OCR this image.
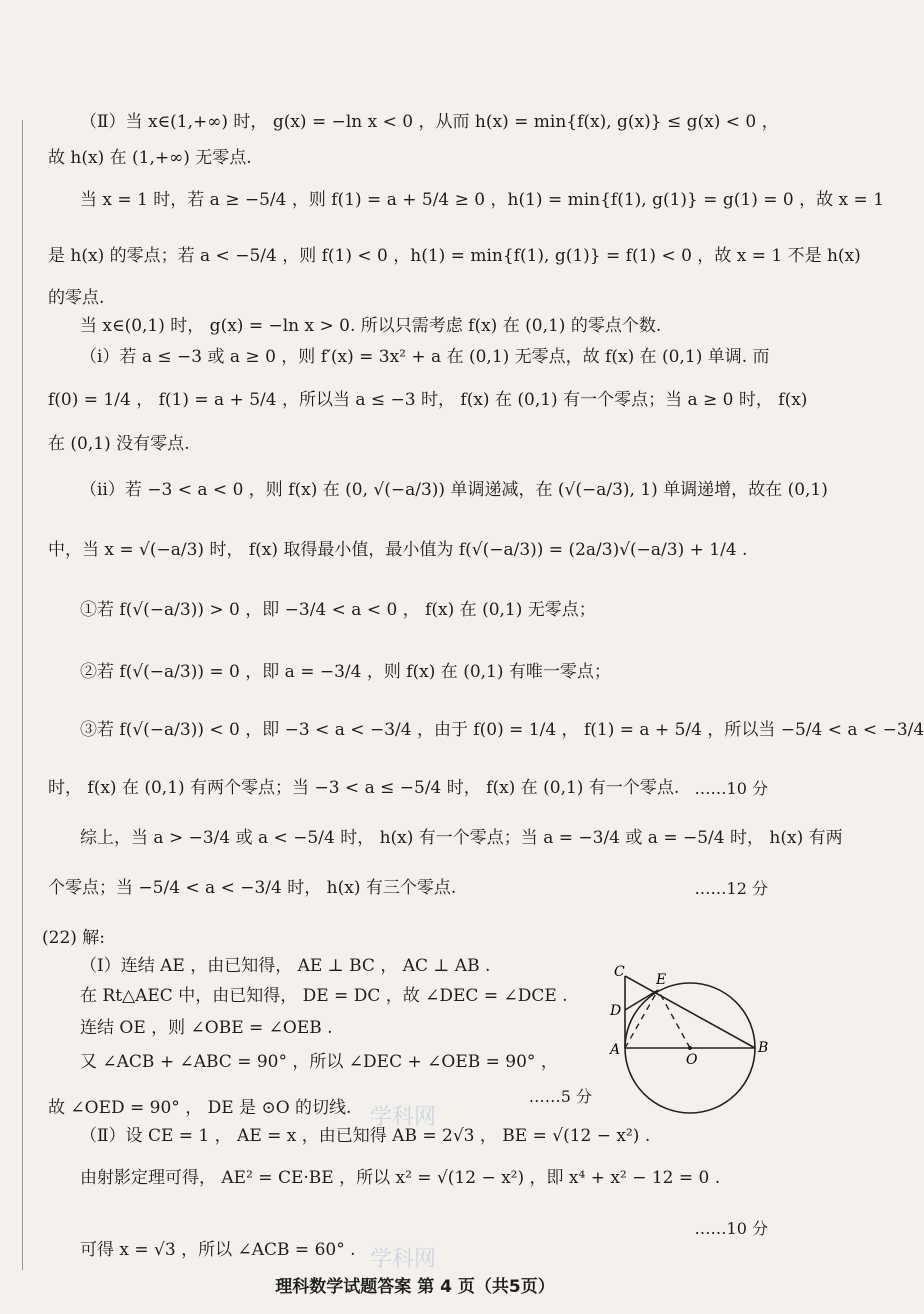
（Ⅱ）当 x∈(1,+∞) 时， g(x) = −ln x < 0 ，从而 h(x) = min{f(x), g(x)} ≤ g(x) < 0 ，
故 h(x) 在 (1,+∞) 无零点.
当 x = 1 时，若 a ≥ −5/4 ，则 f(1) = a + 5/4 ≥ 0 ，h(1) = min{f(1), g(1)} = g(1) = 0 ，故 x = 1
是 h(x) 的零点；若 a < −5/4 ，则 f(1) < 0 ，h(1) = min{f(1), g(1)} = f(1) < 0 ，故 x = 1 不是 h(x)
的零点.
当 x∈(0,1) 时， g(x) = −ln x > 0. 所以只需考虑 f(x) 在 (0,1) 的零点个数.
（ⅰ）若 a ≤ −3 或 a ≥ 0 ，则 f′(x) = 3x² + a 在 (0,1) 无零点，故 f(x) 在 (0,1) 单调. 而
f(0) = 1/4 ， f(1) = a + 5/4 ，所以当 a ≤ −3 时， f(x) 在 (0,1) 有一个零点；当 a ≥ 0 时， f(x)
在 (0,1) 没有零点.
（ⅱ）若 −3 < a < 0 ，则 f(x) 在 (0, √(−a/3)) 单调递减，在 (√(−a/3), 1) 单调递增，故在 (0,1)
中，当 x = √(−a/3) 时， f(x) 取得最小值，最小值为 f(√(−a/3)) = (2a/3)√(−a/3) + 1/4 .
①若 f(√(−a/3)) > 0 ，即 −3/4 < a < 0 ， f(x) 在 (0,1) 无零点；
②若 f(√(−a/3)) = 0 ，即 a = −3/4 ，则 f(x) 在 (0,1) 有唯一零点；
③若 f(√(−a/3)) < 0 ，即 −3 < a < −3/4 ，由于 f(0) = 1/4 ， f(1) = a + 5/4 ，所以当 −5/4 < a < −3/4
时， f(x) 在 (0,1) 有两个零点；当 −3 < a ≤ −5/4 时， f(x) 在 (0,1) 有一个零点. ……10 分
综上，当 a > −3/4 或 a < −5/4 时， h(x) 有一个零点；当 a = −3/4 或 a = −5/4 时， h(x) 有两
个零点；当 −5/4 < a < −3/4 时， h(x) 有三个零点.	……12 分
(22) 解:
（Ⅰ）连结 AE ，由已知得， AE ⊥ BC ， AC ⊥ AB .
在 Rt△AEC 中，由已知得， DE = DC ，故 ∠DEC = ∠DCE .
连结 OE ，则 ∠OBE = ∠OEB .
又 ∠ACB + ∠ABC = 90° ，所以 ∠DEC + ∠OEB = 90° ，
……5 分
故 ∠OED = 90° ， DE 是 ⊙O 的切线.
（Ⅱ）设 CE = 1 ， AE = x ，由已知得 AB = 2√3 ， BE = √(12 − x²) .
由射影定理可得， AE² = CE·BE ，所以 x² = √(12 − x²) ，即 x⁴ + x² − 12 = 0 .
……10 分
可得 x = √3 ，所以 ∠ACB = 60° .
学科网
学科网
C E
D
A
O
B
理科数学试题答案 第 4 页（共5页）
